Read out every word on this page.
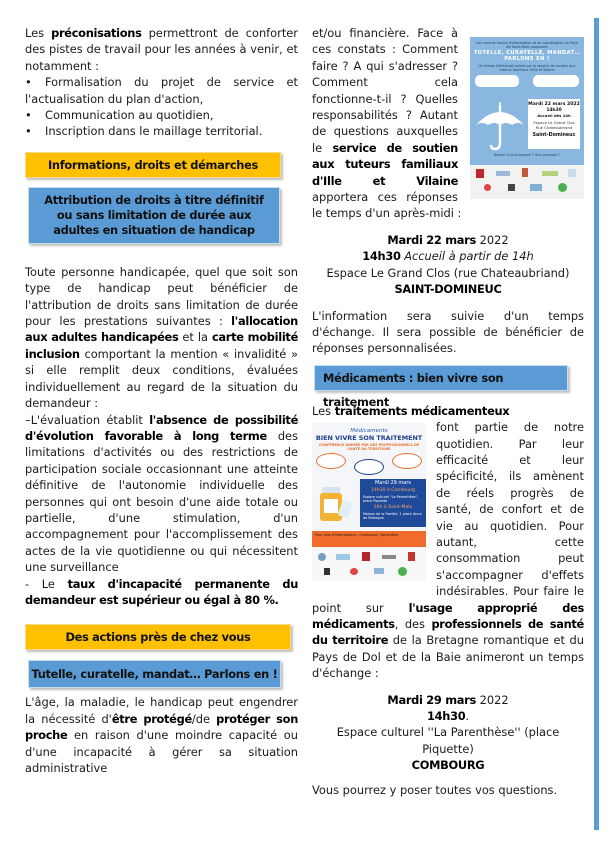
Les préconisations permettront de conforter des pistes de travail pour les années à venir, et notamment :

• Formalisation du projet de service et l'actualisation du plan d'action,
• Communication au quotidien,
• Inscription dans le maillage territorial.
Informations, droits et démarches
Attribution de droits à titre définitif ou sans limitation de durée aux adultes en situation de handicap

Toute personne handicapée, quel que soit son type de handicap peut bénéficier de l'attribution de droits sans limitation de durée pour les prestations suivantes : l'allocation aux adultes handicapées et la carte mobilité inclusion comportant la mention « invalidité » si elle remplit deux conditions, évaluées individuellement au regard de la situation du demandeur :

–L'évaluation établit l'absence de possibilité d'évolution favorable à long terme des limitations d'activités ou des restrictions de participation sociale occasionnant une atteinte définitive de l'autonomie individuelle des personnes qui ont besoin d'une aide totale ou partielle, d'une stimulation, d'un accompagnement pour l'accomplissement des actes de la vie quotidienne ou qui nécessitent une surveillance

- Le taux d'incapacité permanente du demandeur est supérieur ou égal à 80 %.

Des actions près de chez vous
Tutelle, curatelle, mandat… Parlons en !

L'âge, la maladie, le handicap peut engendrer la nécessité d'être protégé/de protéger son proche en raison d'une moindre capacité ou d'une incapacité à gérer sa situation administrative

Les centres locaux d'information et de coordination du Pays de Saint-Malo proposent
TUTELLE, CURATELLE, MANDAT… PARLONS EN !
Un temps d'échange animé par le service de soutien aux tuteurs familiaux d'Ille et Vilaine
Mardi 22 mars 2022
14h30
Accueil dès 14h
Espace Le Grand Clos
Rue Chateaubriand
Saint-Domineuc
Besoin d'un transport ? Une question ?

et/ou financière. Face à ces constats : Comment faire ? A qui s'adresser ? Comment cela fonctionne-t-il ? Quelles responsabilités ? Autant de questions auxquelles le service de soutien aux tuteurs familiaux d'Ille et Vilaine apportera ces réponses le temps d'un après-midi :

Mardi 22 mars 2022
14h30 Accueil à partir de 14h
Espace Le Grand Clos (rue Chateaubriand)
SAINT-DOMINEUC

L'information sera suivie d'un temps d'échange. Il sera possible de bénéficier de réponses personnalisées.

Médicaments : bien vivre son traitement

Les traitements médicamenteux

Médicaments
BIEN VIVRE SON TRAITEMENT
CONFÉRENCE ANIMÉE PAR DES PROFESSIONNELS DE SANTÉ DU TERRITOIRE
Mardi 29 mars
14h30 à Combourg
Espace culturel "La Parenthèse", place Piquette
16h à Saint-Malo
Maison de la Famille, 1 place Anne de Bretagne
Pour plus d'informations : Combourg / Saint-Malo

font partie de notre quotidien. Par leur efficacité et leur spécificité, ils amènent de réels progrès de santé, de confort et de vie au quotidien. Pour autant, cette consommation peut s'accompagner d'effets indésirables. Pour faire le point sur l'usage approprié des médicaments, des professionnels de santé du territoire de la Bretagne romantique et du Pays de Dol et de la Baie animeront un temps d'échange :

Mardi 29 mars 2022
14h30.
Espace culturel ''La Parenthèse'' (place Piquette)
COMBOURG

Vous pourrez y poser toutes vos questions.
